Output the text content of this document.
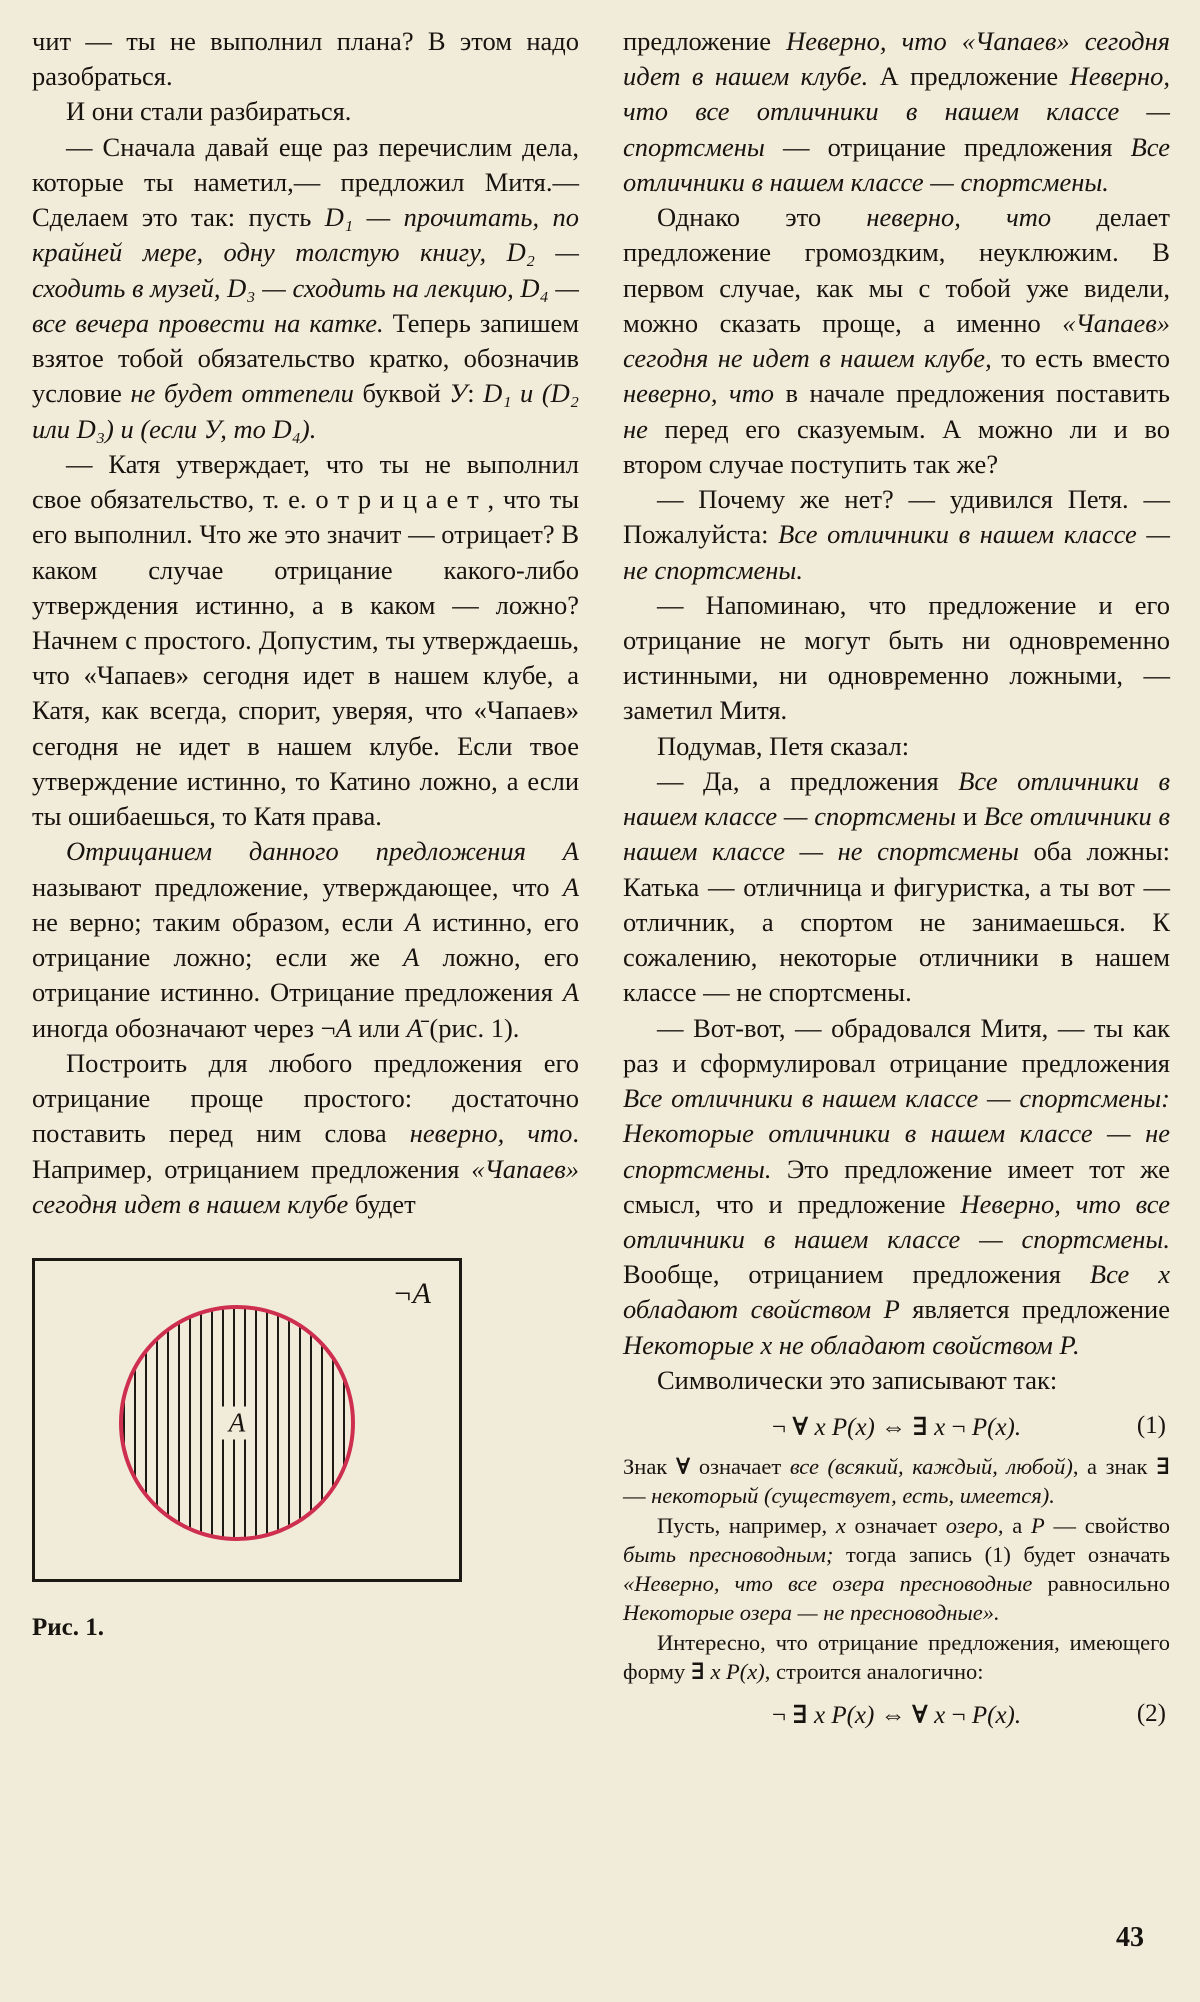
чит — ты не выполнил плана? В этом надо разобраться.
И они стали разбираться.
— Сначала давай еще раз перечислим дела, которые ты наметил,— предложил Митя.— Сделаем это так: пусть D₁ — прочитать, по крайней мере, одну толстую книгу, D₂ — сходить в музей, D₃ — сходить на лекцию, D₄ — все вечера провести на катке. Теперь запишем взятое тобой обязательство кратко, обозначив условие не будет оттепели буквой У: D₁ и (D₂ или D₃) и (если У, то D₄).
— Катя утверждает, что ты не выполнил свое обязательство, т. е. о т р и ц а е т , что ты его выполнил. Что же это значит — отрицает? В каком случае отрицание какого-либо утверждения истинно, а в каком — ложно? Начнем с простого. Допустим, ты утверждаешь, что «Чапаев» сегодня идет в нашем клубе, а Катя, как всегда, спорит, уверяя, что «Чапаев» сегодня не идет в нашем клубе. Если твое утверждение истинно, то Катино ложно, а если ты ошибаешься, то Катя права.
Отрицанием данного предложения А называют предложение, утверждающее, что А не верно; таким образом, если А истинно, его отрицание ложно; если же А ложно, его отрицание истинно. Отрицание предложения А иногда обозначают через ¬А или А̄ (рис. 1).
Построить для любого предложения его отрицание проще простого: достаточно поставить перед ним слова неверно, что. Например, отрицанием предложения «Чапаев» сегодня идет в нашем клубе будет
¬А
А
Рис. 1.
предложение Неверно, что «Чапаев» сегодня идет в нашем клубе. А предложение Неверно, что все отличники в нашем классе — спортсмены — отрицание предложения Все отличники в нашем классе — спортсмены.
Однако это неверно, что делает предложение громоздким, неуклюжим. В первом случае, как мы с тобой уже видели, можно сказать проще, а именно «Чапаев» сегодня не идет в нашем клубе, то есть вместо неверно, что в начале предложения поставить не перед его сказуемым. А можно ли и во втором случае поступить так же?
— Почему же нет? — удивился Петя. — Пожалуйста: Все отличники в нашем классе — не спортсмены.
— Напоминаю, что предложение и его отрицание не могут быть ни одновременно истинными, ни одновременно ложными, — заметил Митя.
Подумав, Петя сказал:
— Да, а предложения Все отличники в нашем классе — спортсмены и Все отличники в нашем классе — не спортсмены оба ложны: Катька — отличница и фигуристка, а ты вот — отличник, а спортом не занимаешься. К сожалению, некоторые отличники в нашем классе — не спортсмены.
— Вот-вот, — обрадовался Митя, — ты как раз и сформулировал отрицание предложения Все отличники в нашем классе — спортсмены: Некоторые отличники в нашем классе — не спортсмены. Это предложение имеет тот же смысл, что и предложение Неверно, что все отличники в нашем классе — спортсмены. Вообще, отрицанием предложения Все x обладают свойством Р является предложение Некоторые x не обладают свойством Р.
Символически это записывают так:
¬ ∀ x P(x) ⇔ ∃ x ¬ P(x).	(1)
Знак ∀ означает все (всякий, каждый, любой), а знак ∃ — некоторый (существует, есть, имеется).
Пусть, например, x означает озеро, а Р — свойство быть пресноводным; тогда запись (1) будет означать «Неверно, что все озера пресноводные равносильно Некоторые озера — не пресноводные».
Интересно, что отрицание предложения, имеющего форму ∃ x P(x), строится аналогично:
¬ ∃ x P(x) ⇔ ∀ x ¬ P(x).	(2)
43
